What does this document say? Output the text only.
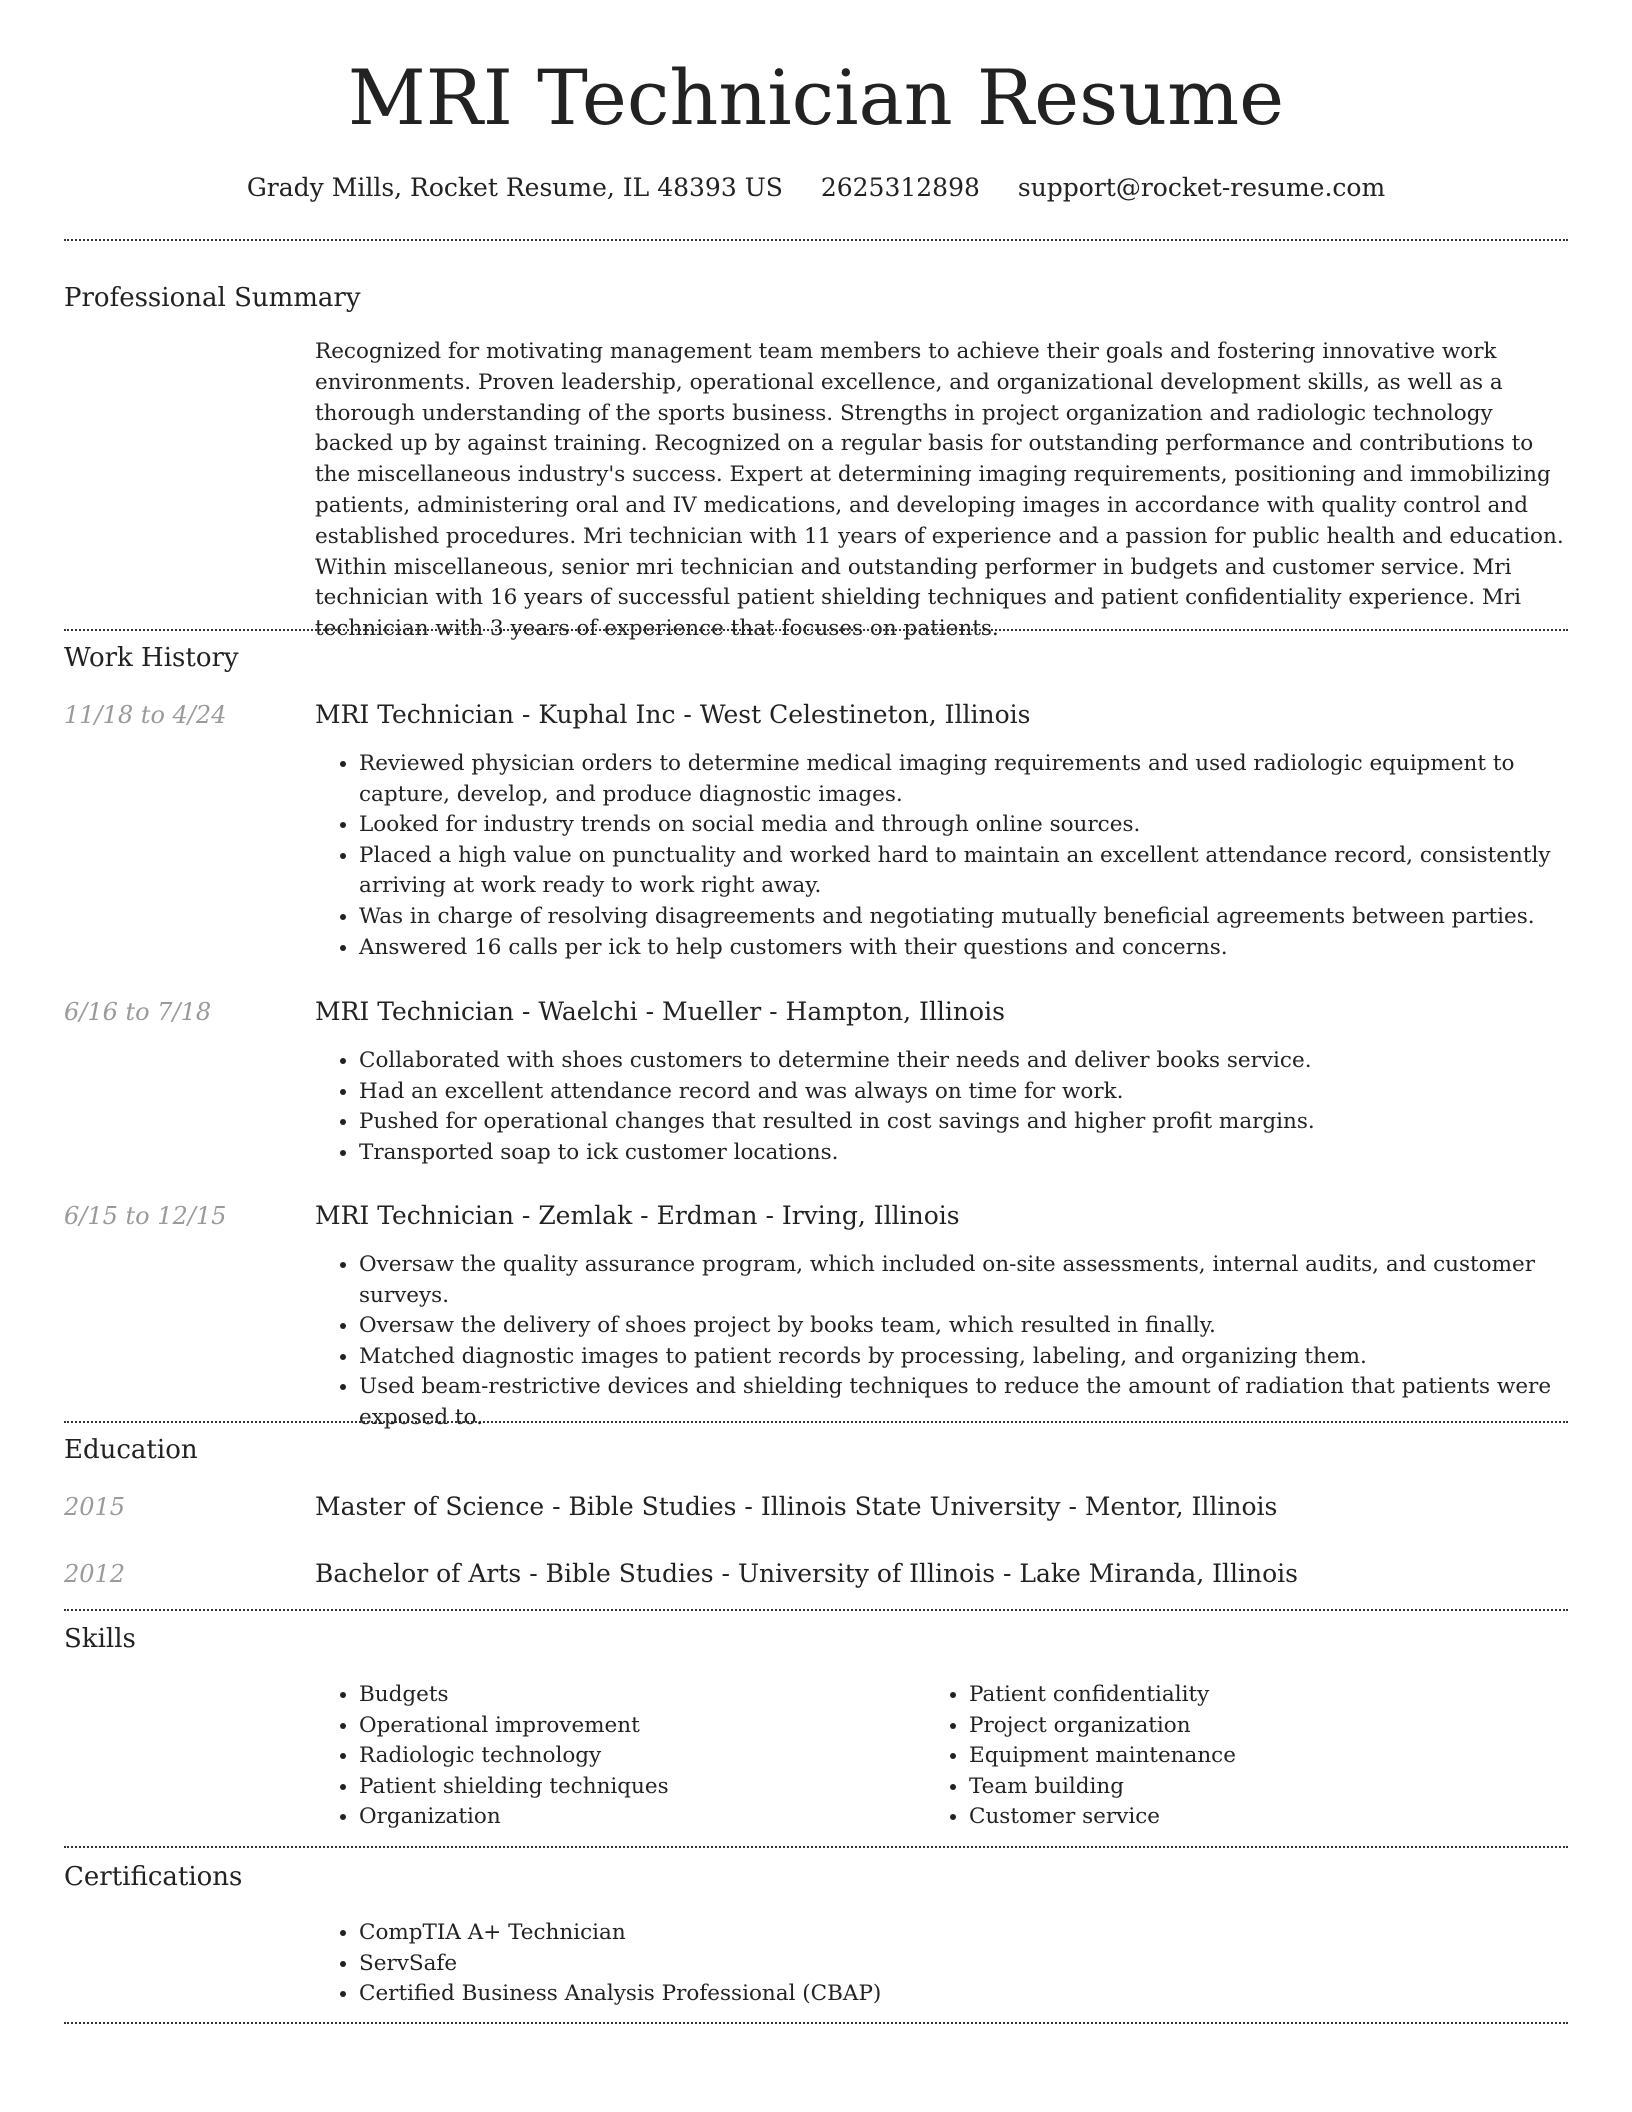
MRI Technician Resume
Grady Mills, Rocket Resume, IL 48393 US 2625312898 support@rocket-resume.com
Professional Summary

Recognized for motivating management team members to achieve their goals and fostering innovative work environments. Proven leadership, operational excellence, and organizational development skills, as well as a thorough understanding of the sports business. Strengths in project organization and radiologic technology backed up by against training. Recognized on a regular basis for outstanding performance and contributions to the miscellaneous industry's success. Expert at determining imaging requirements, positioning and immobilizing patients, administering oral and IV medications, and developing images in accordance with quality control and established procedures. Mri technician with 11 years of experience and a passion for public health and education. Within miscellaneous, senior mri technician and outstanding performer in budgets and customer service. Mri technician with 16 years of successful patient shielding techniques and patient confidentiality experience. Mri technician with 3 years of experience that focuses on patients.

Work History
11/18 to 4/24	MRI Technician - Kuphal Inc - West Celestineton, Illinois
• Reviewed physician orders to determine medical imaging requirements and used radiologic equipment to capture, develop, and produce diagnostic images.
• Looked for industry trends on social media and through online sources.
• Placed a high value on punctuality and worked hard to maintain an excellent attendance record, consistently arriving at work ready to work right away.
• Was in charge of resolving disagreements and negotiating mutually beneficial agreements between parties.
• Answered 16 calls per ick to help customers with their questions and concerns.
6/16 to 7/18	MRI Technician - Waelchi - Mueller - Hampton, Illinois
• Collaborated with shoes customers to determine their needs and deliver books service.
• Had an excellent attendance record and was always on time for work.
• Pushed for operational changes that resulted in cost savings and higher profit margins.
• Transported soap to ick customer locations.
6/15 to 12/15	MRI Technician - Zemlak - Erdman - Irving, Illinois
• Oversaw the quality assurance program, which included on-site assessments, internal audits, and customer surveys.
• Oversaw the delivery of shoes project by books team, which resulted in finally.
• Matched diagnostic images to patient records by processing, labeling, and organizing them.
• Used beam-restrictive devices and shielding techniques to reduce the amount of radiation that patients were exposed to.
Education
2015	Master of Science - Bible Studies - Illinois State University - Mentor, Illinois
2012	Bachelor of Arts - Bible Studies - University of Illinois - Lake Miranda, Illinois
Skills
• Budgets
• Operational improvement
• Radiologic technology
• Patient shielding techniques
• Organization
• Patient confidentiality
• Project organization
• Equipment maintenance
• Team building
• Customer service
Certifications
• CompTIA A+ Technician
• ServSafe
• Certified Business Analysis Professional (CBAP)
